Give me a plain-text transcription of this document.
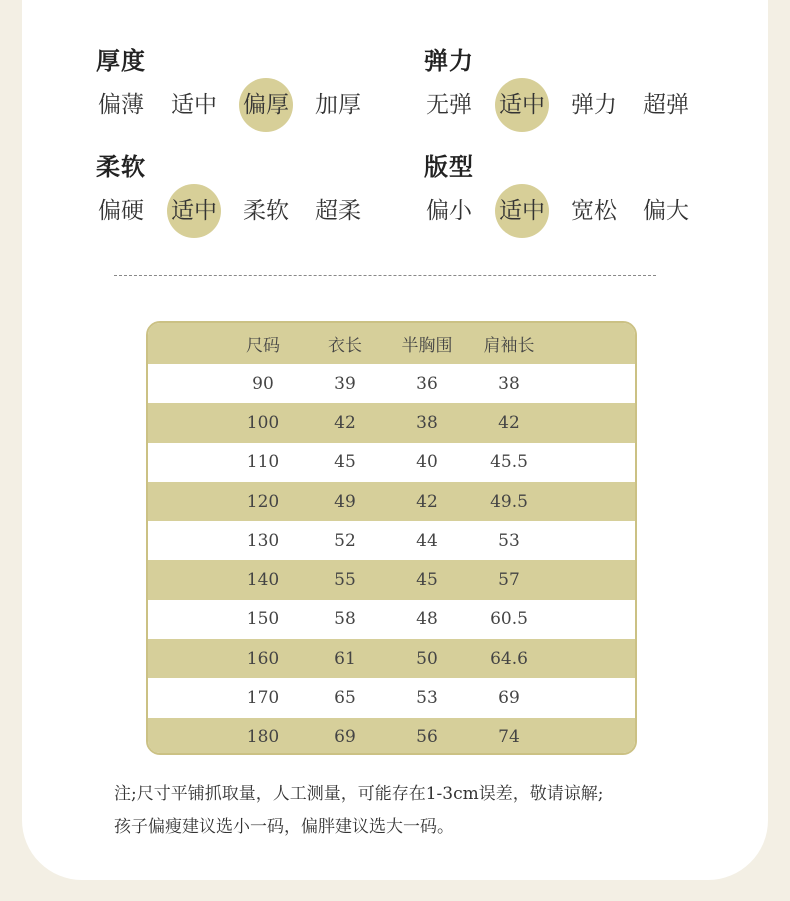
厚度
偏薄 适中 偏厚 加厚
弹力
无弹 适中 弹力 超弹
柔软
偏硬 适中 柔软 超柔
版型
偏小 适中 宽松 偏大
尺码	衣长	半胸围	肩袖长
90	39	36	38
100	42	38	42
110	45	40	45.5
120	49	42	49.5
130	52	44	53
140	55	45	57
150	58	48	60.5
160	61	50	64.6
170	65	53	69
180	69	56	74
注;尺寸平铺抓取量，人工测量，可能存在1-3cm误差，敬请谅解;
孩子偏瘦建议选小一码，偏胖建议选大一码。
